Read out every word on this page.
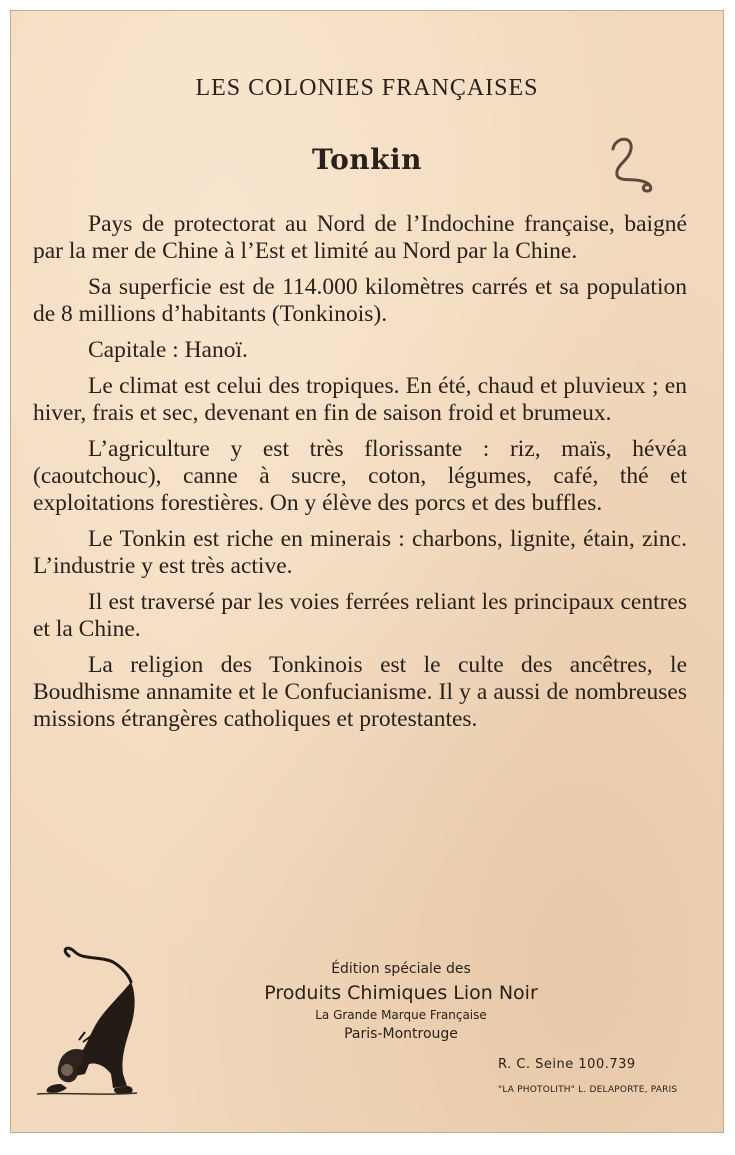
LES COLONIES FRANÇAISES
Tonkin

Pays de protectorat au Nord de l’Indochine française, baigné par la mer de Chine à l’Est et limité au Nord par la Chine.

Sa superficie est de 114.000 kilomètres carrés et sa population de 8 millions d’habitants (Tonkinois).

Capitale : Hanoï.

Le climat est celui des tropiques. En été, chaud et pluvieux ; en hiver, frais et sec, devenant en fin de saison froid et brumeux.

L’agriculture y est très florissante : riz, maïs, hévéa (caoutchouc), canne à sucre, coton, légumes, café, thé et exploitations forestières. On y élève des porcs et des buffles.

Le Tonkin est riche en minerais : charbons, lignite, étain, zinc. L’industrie y est très active.

Il est traversé par les voies ferrées reliant les principaux centres et la Chine.

La religion des Tonkinois est le culte des ancêtres, le Boudhisme annamite et le Confucianisme. Il y a aussi de nombreuses missions étrangères catholiques et protestantes.

Édition spéciale des
Produits Chimiques Lion Noir
La Grande Marque Française
Paris-Montrouge
R. C. Seine 100.739
"LA PHOTOLITH" L. DELAPORTE, PARIS
